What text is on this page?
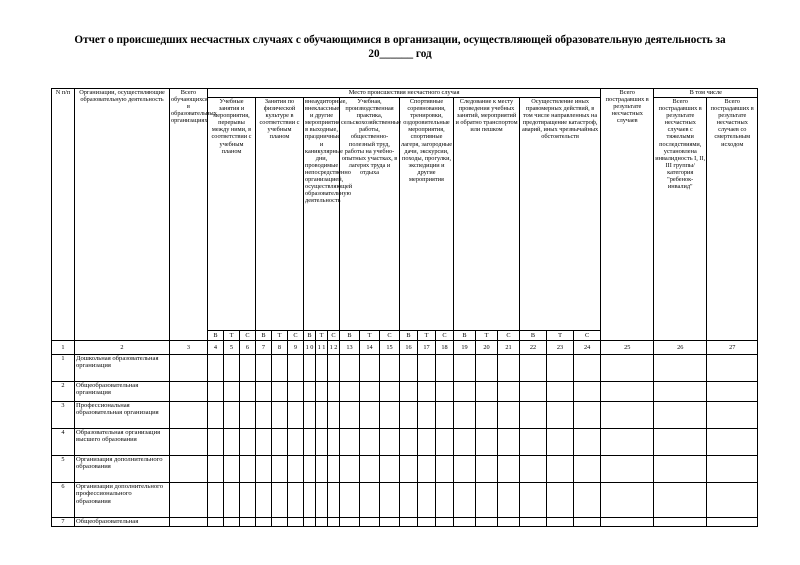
Отчет о происшедших несчастных случаях с обучающимися в организации, осуществляющей образовательную деятельность за
20______ год
N п/п	Организации, осуществляющие образовательную деятельность	Всего обучающихся в образовательных организациях	Место происшествия несчастного случая																					Всего пострадавших в результате несчастных случаев	В том числе	
			Учебные занятия и мероприятия, перерывы между ними, в соответствии с учебным планом			Занятия по физической культуре в соответствии с учебным планом			внеаудиторные, внеклассные и другие мероприятия в выходные, праздничные и каникулярные дни, проводимые непосредственно организацией, осуществляющей образовательную деятельность			Учебная, производственная практика, сельскохозяйственные работы, общественно-полезный труд, работы на учебно-опытных участках, в лагерях труда и отдыха			Спортивные соревнования, тренировки, оздоровительные мероприятия, спортивные лагеря, загородные дачи, экскурсии, походы, прогулки, экспедиции и другие мероприятия			Следование к месту проведения учебных занятий, мероприятий и обратно транспортом или пешком			Осуществление иных правомерных действий, в том числе направленных на предотвращение катастроф, аварий, иных чрезвычайных обстоятельств				Всего пострадавших в результате несчастных случаев с тяжелыми последствиями, установлена инвалидность I, II, III группы/категория "ребенок-инвалид"	Всего пострадавших в результате несчастных случаев со смертельным исходом
			В	Т	С	В	Т	С	В	Т	С	В	Т	С	В	Т	С	В	Т	С	В	Т	С			
1	2	3	4	5	6	7	8	9	1 0	1 1	1 2	13	14	15	16	17	18	19	20	21	22	23	24	25	26	27
1	Дошкольная образовательная организация																									
2	Общеобразовательная организация																									
3	Профессиональная образовательная организация																									
4	Образовательная организация высшего образования																									
5	Организация дополнительного образования																									
6	Организации дополнительного профессионального образования																									
7	Общеобразовательная																									
